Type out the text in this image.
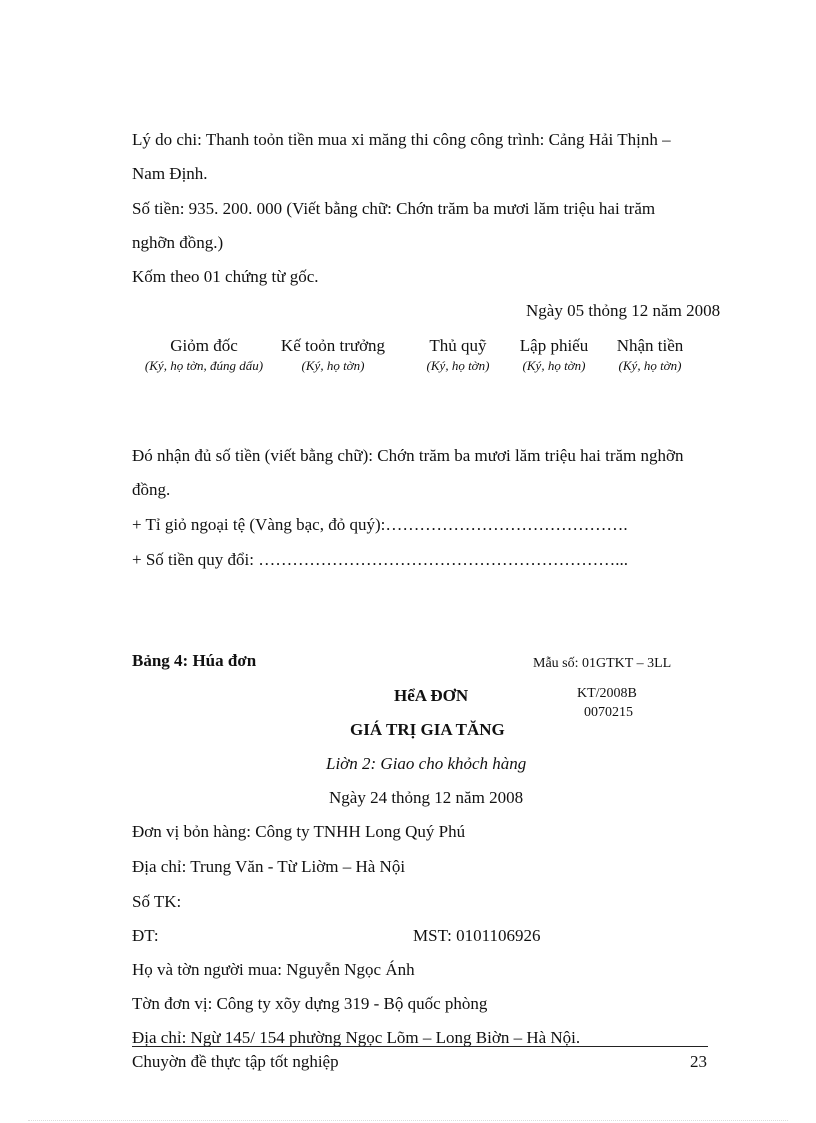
Lý do chi: Thanh toỏn tiền mua xi măng thi công công trình: Cảng Hải Thịnh –
Nam Định.
Số tiền: 935. 200. 000 (Viết bằng chữ: Chớn trăm ba mươi lăm triệu hai trăm
nghỡn đồng.)
Kốm theo 01 chứng từ gốc.
Ngày 05 thỏng 12 năm 2008
Giỏm đốc
(Ký, họ tờn, đúng dấu)
Kế toỏn trưởng
(Ký, họ tờn)
Thủ quỹ
(Ký, họ tờn)
Lập phiếu
(Ký, họ tờn)
Nhận tiền
(Ký, họ tờn)
Đó nhận đủ số tiền (viết bằng chữ): Chớn trăm ba mươi lăm triệu hai trăm nghỡn
đồng.
+ Tỉ giỏ ngoại tệ (Vàng bạc, đỏ quý):…………………………………….
+ Số tiền quy đổi: ………………………………………………………...
Bảng 4: Húa đơn	Mẫu số: 01GTKT – 3LL
HểA ĐƠN	KT/2008B
0070215
GIÁ TRỊ GIA TĂNG
Liờn 2: Giao cho khỏch hàng
Ngày 24 thỏng 12 năm 2008
Đơn vị bỏn hàng: Công ty TNHH Long Quý Phú
Địa chỉ: Trung Văn - Từ Liờm – Hà Nội
Số TK:
ĐT:	MST: 0101106926
Họ và tờn người mua: Nguyễn Ngọc Ánh
Tờn đơn vị: Công ty xõy dựng 319 - Bộ quốc phòng
Địa chỉ: Ngừ 145/ 154 phường Ngọc Lõm – Long Biờn – Hà Nội.
Chuyờn đề thực tập tốt nghiệp	23
